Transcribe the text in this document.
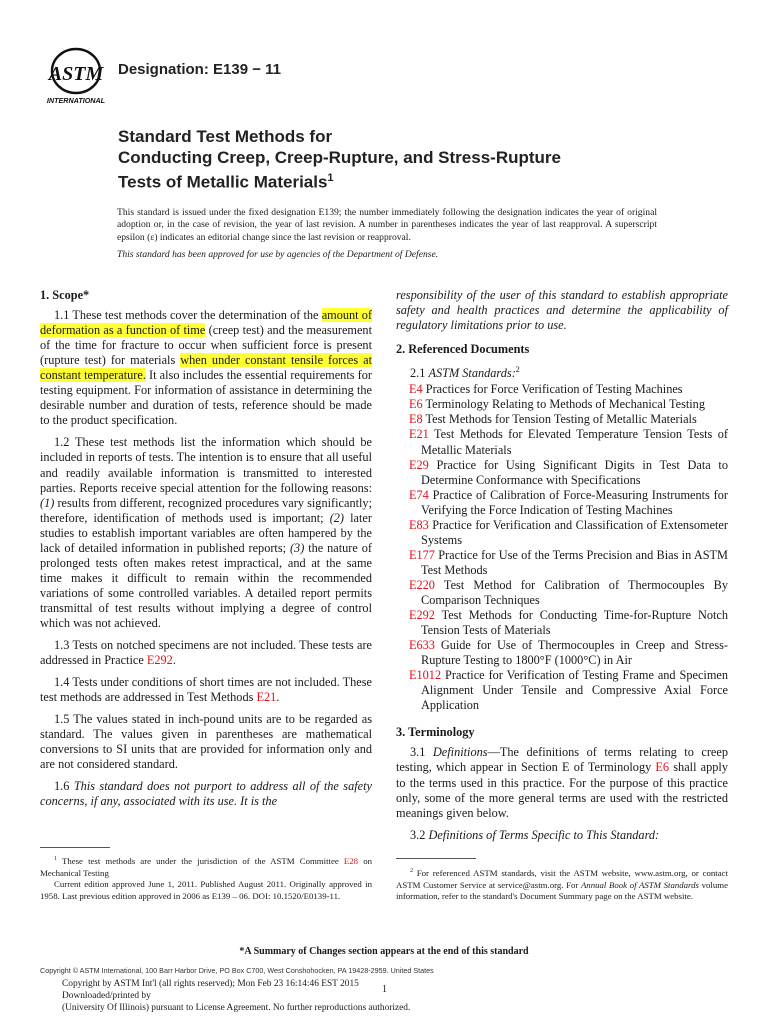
ASTM
INTERNATIONAL
Designation: E139 − 11
Standard Test Methods for
Conducting Creep, Creep-Rupture, and Stress-Rupture
Tests of Metallic Materials$^1$
This standard is issued under the fixed designation E139; the number immediately following the designation indicates the year of original adoption or, in the case of revision, the year of last revision. A number in parentheses indicates the year of last reapproval. A superscript epsilon (ε) indicates an editorial change since the last revision or reapproval.
This standard has been approved for use by agencies of the Department of Defense.
1. Scope*

1.1 These test methods cover the determination of the amount of deformation as a function of time (creep test) and the measurement of the time for fracture to occur when sufficient force is present (rupture test) for materials when under constant tensile forces at constant temperature. It also includes the essential requirements for testing equipment. For information of assistance in determining the desirable number and duration of tests, reference should be made to the product specification.

1.2 These test methods list the information which should be included in reports of tests. The intention is to ensure that all useful and readily available information is transmitted to interested parties. Reports receive special attention for the following reasons: (1) results from different, recognized procedures vary significantly; therefore, identification of methods used is important; (2) later studies to establish important variables are often hampered by the lack of detailed information in published reports; (3) the nature of prolonged tests often makes retest impractical, and at the same time makes it difficult to remain within the recommended variations of some controlled variables. A detailed report permits transmittal of test results without implying a degree of control which was not achieved.

1.3 Tests on notched specimens are not included. These tests are addressed in Practice E292.

1.4 Tests under conditions of short times are not included. These test methods are addressed in Test Methods E21.

1.5 The values stated in inch-pound units are to be regarded as standard. The values given in parentheses are mathematical conversions to SI units that are provided for information only and are not considered standard.

1.6 This standard does not purport to address all of the safety concerns, if any, associated with its use. It is the

responsibility of the user of this standard to establish appropriate safety and health practices and determine the applicability of regulatory limitations prior to use.

2. Referenced Documents
2.1 ASTM Standards:$^2$
E4 Practices for Force Verification of Testing Machines
E6 Terminology Relating to Methods of Mechanical Testing
E8 Test Methods for Tension Testing of Metallic Materials
E21 Test Methods for Elevated Temperature Tension Tests of Metallic Materials
E29 Practice for Using Significant Digits in Test Data to Determine Conformance with Specifications
E74 Practice of Calibration of Force-Measuring Instruments for Verifying the Force Indication of Testing Machines
E83 Practice for Verification and Classification of Extensometer Systems
E177 Practice for Use of the Terms Precision and Bias in ASTM Test Methods
E220 Test Method for Calibration of Thermocouples By Comparison Techniques
E292 Test Methods for Conducting Time-for-Rupture Notch Tension Tests of Materials
E633 Guide for Use of Thermocouples in Creep and Stress-Rupture Testing to 1800°F (1000°C) in Air
E1012 Practice for Verification of Testing Frame and Specimen Alignment Under Tensile and Compressive Axial Force Application
3. Terminology

3.1 Definitions—The definitions of terms relating to creep testing, which appear in Section E of Terminology E6 shall apply to the terms used in this practice. For the purpose of this practice only, some of the more general terms are used with the restricted meanings given below.

3.2 Definitions of Terms Specific to This Standard:

$^1$ These test methods are under the jurisdiction of the ASTM Committee E28 on Mechanical Testing

Current edition approved June 1, 2011. Published August 2011. Originally approved in 1958. Last previous edition approved in 2006 as E139 – 06. DOI: 10.1520/E0139-11.

$^2$ For referenced ASTM standards, visit the ASTM website, www.astm.org, or contact ASTM Customer Service at service@astm.org. For Annual Book of ASTM Standards volume information, refer to the standard's Document Summary page on the ASTM website.

*A Summary of Changes section appears at the end of this standard
Copyright © ASTM International, 100 Barr Harbor Drive, PO Box C700, West Conshohocken, PA 19428-2959. United States
Copyright by ASTM Int'l (all rights reserved); Mon Feb 23 16:14:46 EST 2015
Downloaded/printed by
(University Of Illinois) pursuant to License Agreement. No further reproductions authorized.
1
